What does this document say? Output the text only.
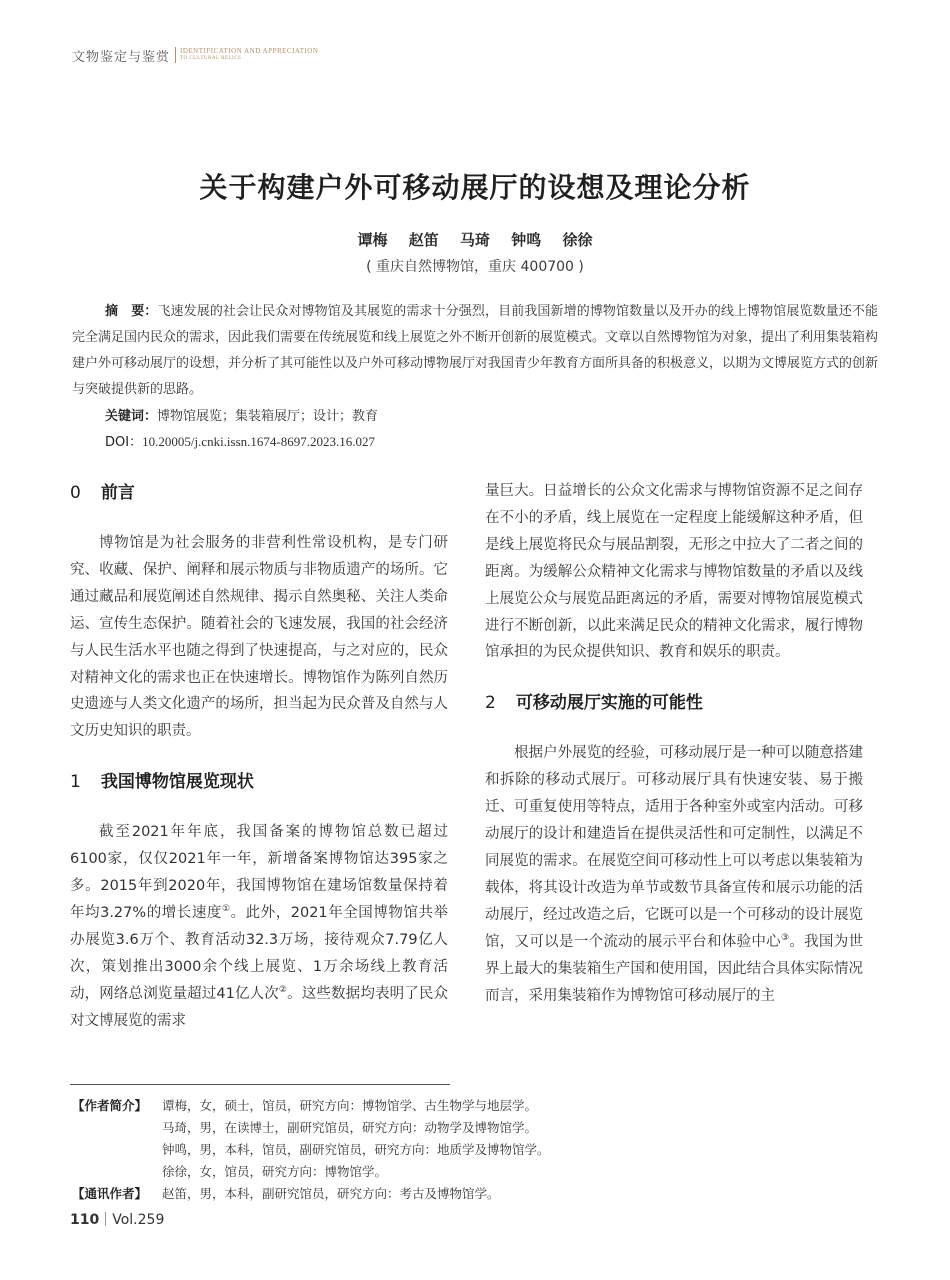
文物鉴定与鉴赏 IDENTIFICATION AND APPRECIATION
TO CULTURAL RELICS
关于构建户外可移动展厅的设想及理论分析
谭梅 赵笛 马琦 钟鸣 徐徐
( 重庆自然博物馆，重庆 400700 )
摘　要：飞速发展的社会让民众对博物馆及其展览的需求十分强烈，目前我国新增的博物馆数量以及开办的线上博物馆展览数量还不能完全满足国内民众的需求，因此我们需要在传统展览和线上展览之外不断开创新的展览模式。文章以自然博物馆为对象，提出了利用集装箱构建户外可移动展厅的设想，并分析了其可能性以及户外可移动博物展厅对我国青少年教育方面所具备的积极意义，以期为文博展览方式的创新与突破提供新的思路。
关键词：博物馆展览；集装箱展厅；设计；教育
DOI：10.20005/j.cnki.issn.1674-8697.2023.16.027
0 前言

博物馆是为社会服务的非营利性常设机构，是专门研究、收藏、保护、阐释和展示物质与非物质遗产的场所。它通过藏品和展览阐述自然规律、揭示自然奥秘、关注人类命运、宣传生态保护。随着社会的飞速发展，我国的社会经济与人民生活水平也随之得到了快速提高，与之对应的，民众对精神文化的需求也正在快速增长。博物馆作为陈列自然历史遗迹与人类文化遗产的场所，担当起为民众普及自然与人文历史知识的职责。

1 我国博物馆展览现状

截至2021年年底，我国备案的博物馆总数已超过6100家，仅仅2021年一年，新增备案博物馆达395家之多。2015年到2020年，我国博物馆在建场馆数量保持着年均3.27%的增长速度①。此外，2021年全国博物馆共举办展览3.6万个、教育活动32.3万场，接待观众7.79亿人次，策划推出3000余个线上展览、1万余场线上教育活动，网络总浏览量超过41亿人次②。这些数据均表明了民众对文博展览的需求

量巨大。日益增长的公众文化需求与博物馆资源不足之间存在不小的矛盾，线上展览在一定程度上能缓解这种矛盾，但是线上展览将民众与展品割裂，无形之中拉大了二者之间的距离。为缓解公众精神文化需求与博物馆数量的矛盾以及线上展览公众与展览品距离远的矛盾，需要对博物馆展览模式进行不断创新，以此来满足民众的精神文化需求，履行博物馆承担的为民众提供知识、教育和娱乐的职责。

2 可移动展厅实施的可能性

根据户外展览的经验，可移动展厅是一种可以随意搭建和拆除的移动式展厅。可移动展厅具有快速安装、易于搬迁、可重复使用等特点，适用于各种室外或室内活动。可移动展厅的设计和建造旨在提供灵活性和可定制性，以满足不同展览的需求。在展览空间可移动性上可以考虑以集装箱为载体，将其设计改造为单节或数节具备宣传和展示功能的活动展厅，经过改造之后，它既可以是一个可移动的设计展览馆，又可以是一个流动的展示平台和体验中心③。我国为世界上最大的集装箱生产国和使用国，因此结合具体实际情况而言，采用集装箱作为博物馆可移动展厅的主

【作者简介】	谭梅，女，硕士，馆员，研究方向：博物馆学、古生物学与地层学。
马琦，男，在读博士，副研究馆员，研究方向：动物学及博物馆学。
钟鸣，男，本科，馆员，副研究馆员，研究方向：地质学及博物馆学。
徐徐，女，馆员，研究方向：博物馆学。
【通讯作者】	赵笛，男，本科，副研究馆员，研究方向：考古及博物馆学。
110 Vol.259
